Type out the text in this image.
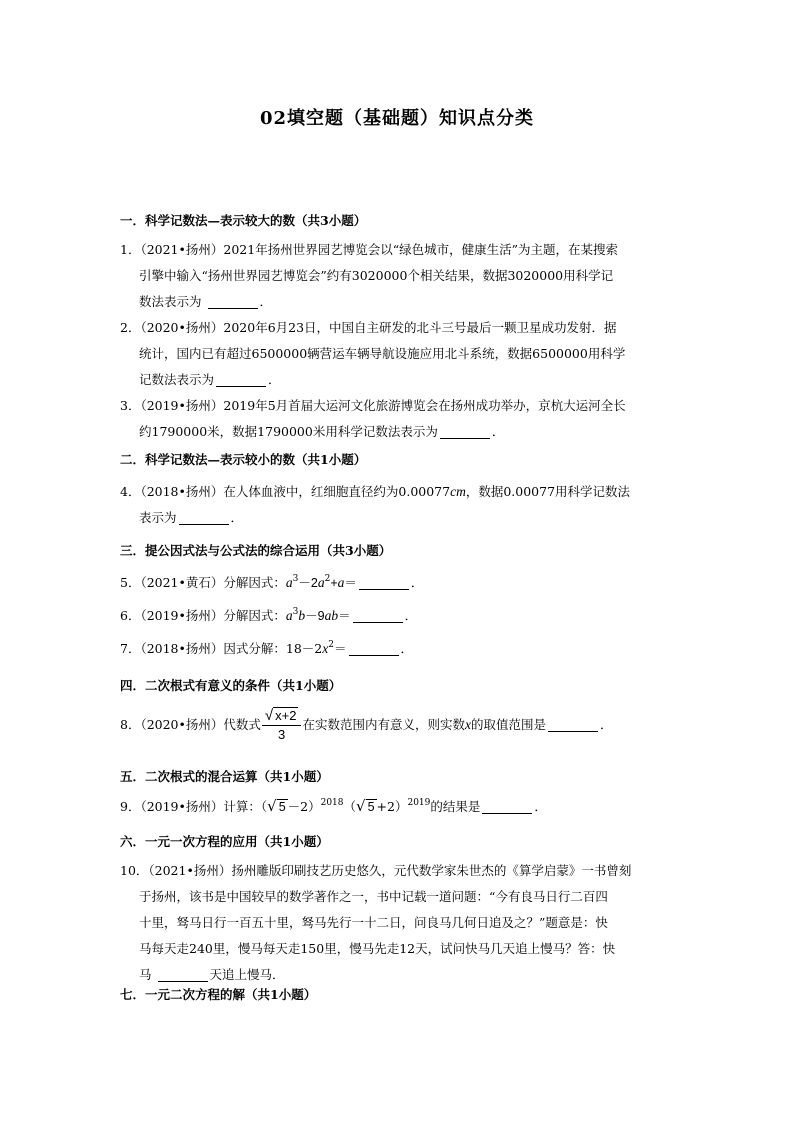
02填空题（基础题）知识点分类
一．科学记数法—表示较大的数（共3小题）
1．（2021•扬州）2021年扬州世界园艺博览会以“绿色城市，健康生活”为主题，在某搜索
引擎中输入“扬州世界园艺博览会”约有3020000个相关结果，数据3020000用科学记
数法表示为	．
2．（2020•扬州）2020年6月23日，中国自主研发的北斗三号最后一颗卫星成功发射．据
统计，国内已有超过6500000辆营运车辆导航设施应用北斗系统，数据6500000用科学
记数法表示为	．
3．（2019•扬州）2019年5月首届大运河文化旅游博览会在扬州成功举办，京杭大运河全长
约1790000米，数据1790000米用科学记数法表示为	．
二．科学记数法—表示较小的数（共1小题）
4．（2018•扬州）在人体血液中，红细胞直径约为0.00077cm，数据0.00077用科学记数法
表示为	．
三．提公因式法与公式法的综合运用（共3小题）
5．（2021•黄石）分解因式：$a^3-2a^2+a=$	．
6．（2019•扬州）分解因式：$a^3b-9ab=$	．
7．（2018•扬州）因式分解：$18-2x^2=$	．
四．二次根式有意义的条件（共1小题）
8．（2020•扬州）代数式 $\frac{√ x+2}{3}$ 在实数范围内有意义，则实数x的取值范围是	．
五．二次根式的混合运算（共1小题）
9．（2019•扬州）计算：（√ 5 －2）$^{2018}$（√ 5 +2）$^{2019}$的结果是	．
六．一元一次方程的应用（共1小题）
10．（2021•扬州）扬州雕版印刷技艺历史悠久，元代数学家朱世杰的《算学启蒙》一书曾刻
于扬州，该书是中国较早的数学著作之一，书中记载一道问题：“今有良马日行二百四
十里，驽马日行一百五十里，驽马先行一十二日，问良马几何日追及之？”题意是：快
马每天走240里，慢马每天走150里，慢马先走12天，试问快马几天追上慢马？答：快
马	天追上慢马．
七．一元二次方程的解（共1小题）
